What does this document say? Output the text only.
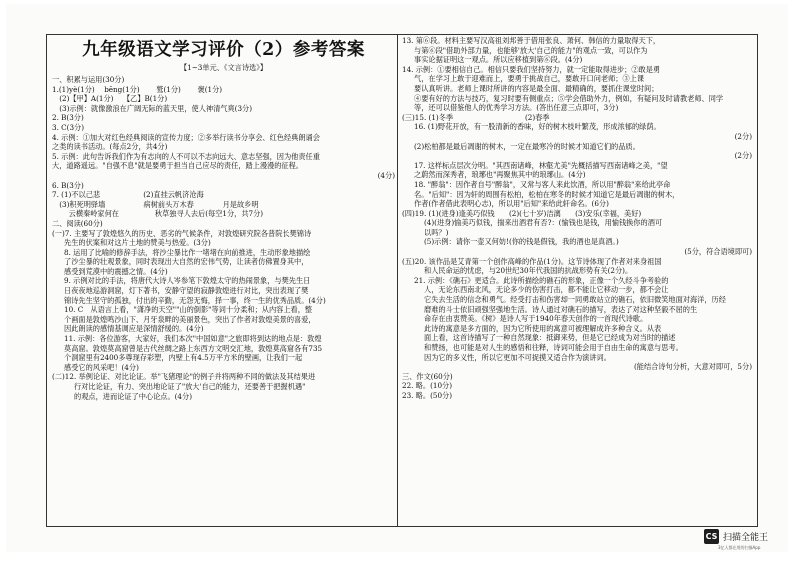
九年级语文学习评价（2）参考答案
【1~3单元、《文言诗选》】
一、积累与运用(30分)
1.(1)yè(1分)　 bēng(1分)　 　鹫(1分)　 　褒(1分)
　(2)【甲】A(1分)　 【乙】B(1分)
　(3)示例：就像激浪在广阔无际的蓝天里，使人神清气爽(3分)
2. B(3分)
3. C(3分)
4. 示例：①加大对红色经典阅读的宣传力度；②多举行读书分享会、红色经典朗诵会
之类的读书活动。(每点2分，共4分)
5. 示例：此句告诉我们作为有志向的人不可以不志向远大、意志坚强，因为他责任重
大，道路遥远。"自强不息"就是要勇于担当自己应尽的责任，踏上漫漫的征程。
(4分)
6. B(3分)
7. (1)不以己悲　　　　　　(2)直挂云帆济沧海
　(3)积死明驿墙　　　　　 病树前头万木春　　　　月是故乡明
　　 云横秦岭家何在　　　　　秋草独寻人去后(每空1分，共7分)
二、阅读(60分)
(一)7. 主要写了敦煌悠久的历史、恶劣的气候条件，对敦煌研究院各普院长樊锦诗
先生的伏案和对这片土地的赞美与热爱。(3分)
8. 运用了比喻的修辞手法，将沙尘暴比作一堵堵在向前推进，生动形象地描绘
了沙尘暴的壮观景象，同时表现出大自然的宏伟气势，让读者仿佛置身其中，
感受到荒漠中的震撼之情。(4分)
9. 示例对比的手法，将唐代大诗人岑参笔下敦煌太守的热闹景象，与樊先生日
日夜夜地巡游洞窟，灯下著书，安静守望的寂静敦煌进行对比，突出表现了樊
锦诗先生坚守的孤独，付出的辛勤，无怨无悔，择一事，终一生的优秀品质。(4分)
10. C　从语言上看，"潇净的天空""山的倒影"等词十分柔和；从内容上看，整
个画面是敦煌鸣沙山下、月牙泉畔的美丽景色，突出了作者对敦煌美景的喜爱，
因此朗读的感情基调应是深情舒缓的。(4分)
11. 示例：各位游客，大家好，我们本次"中国如意"之旅即将到达的地点是：敦煌
莫高窟。敦煌莫高窟曾是古代丝绸之路上东西方文明交汇地，敦煌莫高窟各有735
个洞窟里有2400多尊现存彩塑，内壁上有4.5万平方米的壁画，让我们一起
感受它的风采吧！(4分)
(二)12. 举例论证、对比论证。举"飞猪理论"的例子并将两种不同的做法及其结果进
行对比论证，有力、突出地论证了"放大'自己的能力，还要善于把握机遇"
的观点，进而论证了中心论点。(4分)
13. 第⑥段。材料主要写汉高祖刘邦善于借用张良、萧何、韩信的力量取得天下，
与第⑥段"借助外部力量，也能够'放大'自己的能力"的观点一致，可以作为
事实论据证明这一观点。所以应移植到第⑥段。(4分)
14. 示例：①要相信自己。相信只要我们坚持努力，就一定能取得进步；②敢是勇
气，在学习上敢于迎难而上，要勇于挑战自己，要敢开口问老师；③上课
要认真听讲。老师上课时所讲的内容是最全面、最精确的，要抓住课堂时间；
④要有好的方法与技巧，复习时要有侧重点；⑤学会借助外力，例如，有疑问及时请教老师、同学
等，还可以借鉴他人的优秀学习方法。(答出任意三点即可，3分)
(三)15. (1)冬季　　　　　　　　　　(2)春季
16. (1)野花开放，有一股清新的香味，好的树木枝叶繁茂，形成浓郁的绿荫。
(2分)
(2)松柏都是最后凋谢的树木，一定在最寒冷的时候才知道它们的品质。
(2分)
17. 这样标点层次分明。"其西南诸峰，林壑尤美"先概括描写西南诸峰之美，"望
之蔚然而深秀者，琅琊也"再聚焦其中的琅琊山。(4分)
18. "醉翁"：因作者自号"醉翁"，又常与客人来此饮酒，所以用"醉翁"来给此亭命
名。"后知"：因为轩的周围有松柏，松柏在寒冬的时候才知道它是最后凋谢的树木，
作者(作者借此表明心志)，所以用"后知"来给此轩命名。(6分)
(四)19. (1)(进身)逢美巧似钱　　(2)(七十岁)洁漓　　(3)安乐(幸福，美好)
(4)(进身)愉美巧似钱，揣来出酒君有否?：(愉钱也是钱，用愉钱换你的酒可
以吗？)
(5)示例：请你一壶又何妨!(你的钱是假钱，我的酒也是真酒。)
(5分，符合语境即可)
(五)20. 该作品是艾青第一个创作高峰的作品(1分)。这节诗体现了作者对来身祖国
和人民命运的忧虑，与20世纪30年代我国的抗战形势有关(2分)。
21. 示例：《礁石》更适合。此诗所描绘的礁石的形象，正像一个久经斗争考验的
人，无论东西南北风，无论多少的伤害打击，都不能让它移动一步，都不会让
它失去生活的信念和勇气。经受打击和伤害却一同勇敢站立的礁石，依旧微笑地面对海洋，历经
磨难的斗士依旧顽强坚强地生活。诗人通过对礁石的描写，表达了对这种坚毅不屈的生
命存在由衷赞美。《树》是诗人写于1940年春天创作的一首现代诗歌。
此诗的寓意是多方面的，因为它所使用的寓意可被理解成许多种含义。从表
面上看，这首诗描写了一种自然现象：抵御来势，但是它已经成为对当时的描述
和赞扬，也可能是对人生的感悟和往释，诗词可能会用于自由生命的寓意与思考。
因为它的多义性，所以它更加不可捉摸又适合作为演讲词。
(能结合诗句分析，大意对即可，5分)
三、作文(60分)
22. 略。(10分)
23. 略。(50分)
CS 扫描全能王
3亿人都在用的扫描App
